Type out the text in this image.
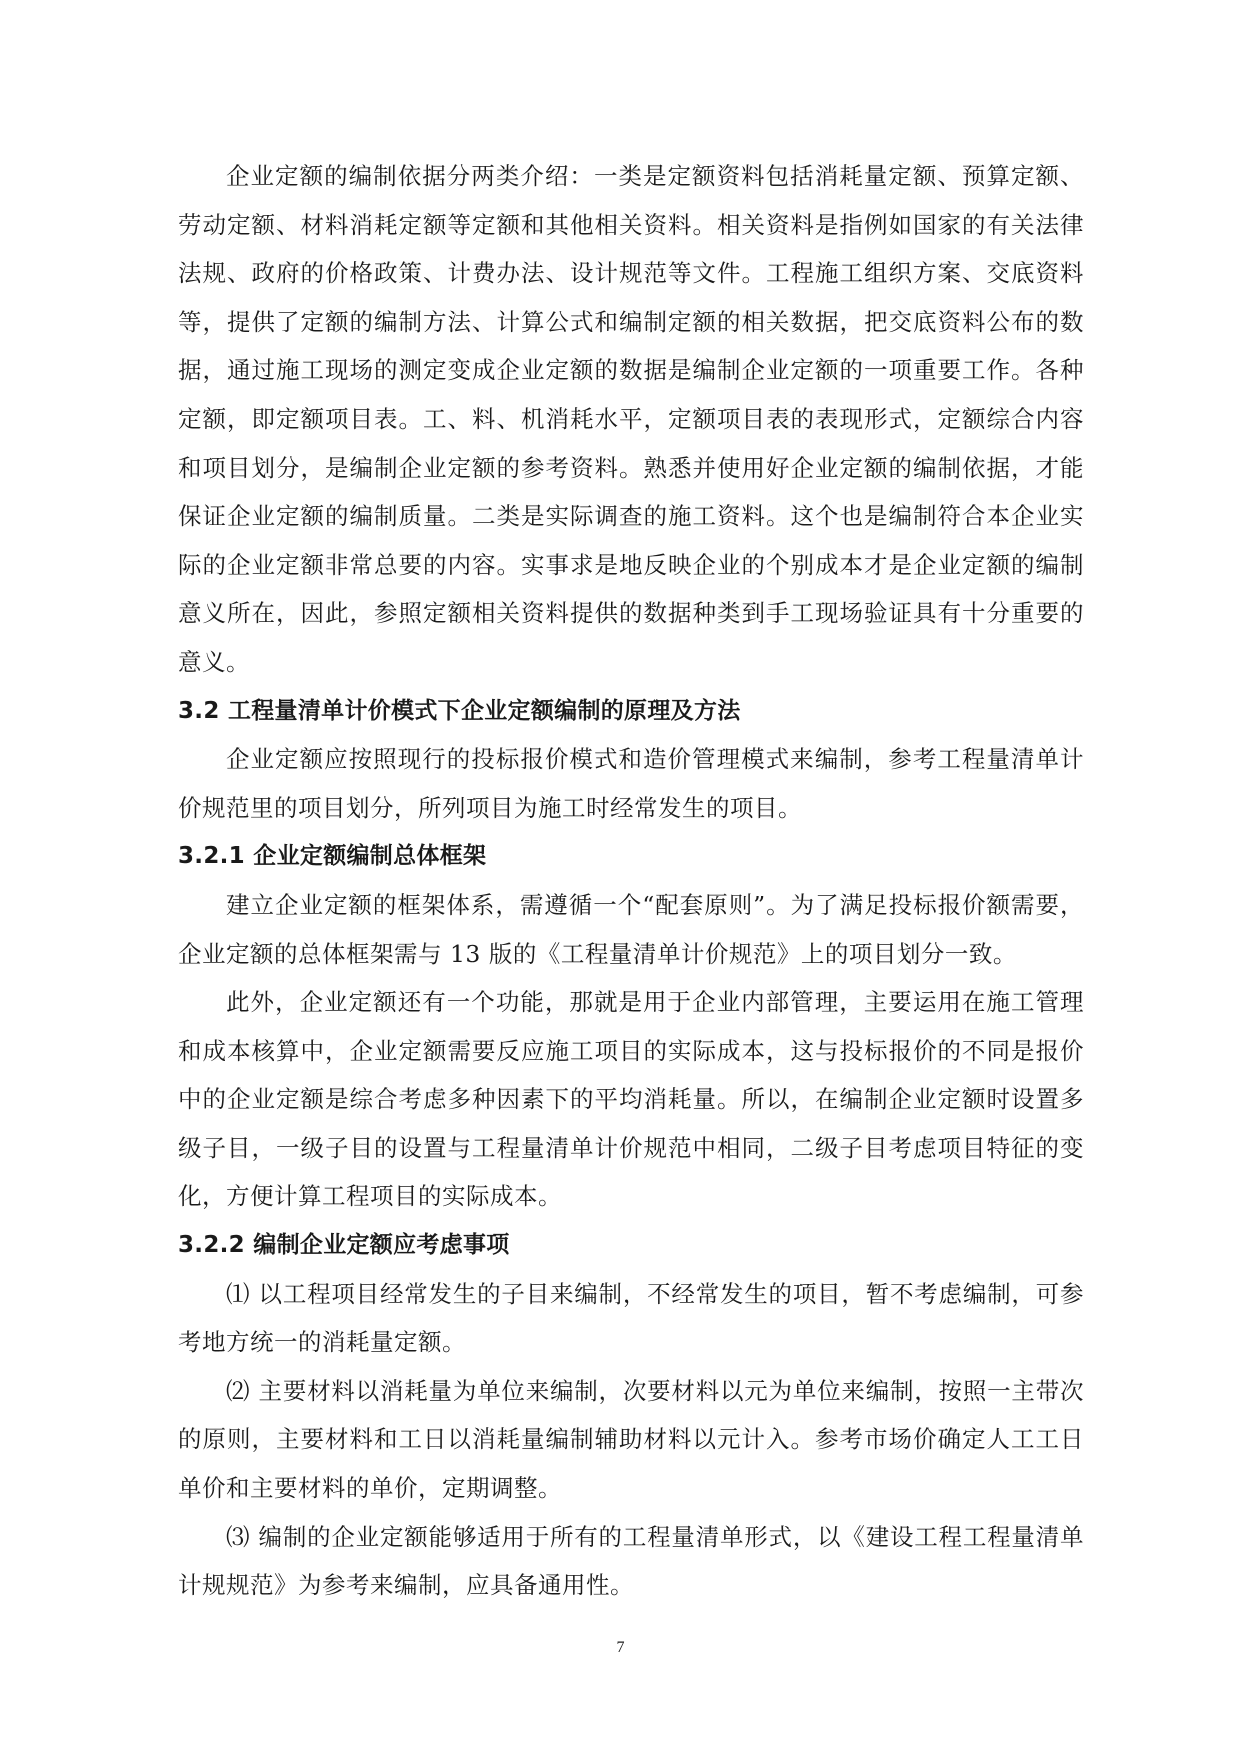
企业定额的编制依据分两类介绍：一类是定额资料包括消耗量定额、预算定额、劳动定额、材料消耗定额等定额和其他相关资料。相关资料是指例如国家的有关法律法规、政府的价格政策、计费办法、设计规范等文件。工程施工组织方案、交底资料等，提供了定额的编制方法、计算公式和编制定额的相关数据，把交底资料公布的数据，通过施工现场的测定变成企业定额的数据是编制企业定额的一项重要工作。各种定额，即定额项目表。工、料、机消耗水平，定额项目表的表现形式，定额综合内容和项目划分，是编制企业定额的参考资料。熟悉并使用好企业定额的编制依据，才能保证企业定额的编制质量。二类是实际调查的施工资料。这个也是编制符合本企业实际的企业定额非常总要的内容。实事求是地反映企业的个别成本才是企业定额的编制意义所在，因此，参照定额相关资料提供的数据种类到手工现场验证具有十分重要的意义。

3.2 工程量清单计价模式下企业定额编制的原理及方法

企业定额应按照现行的投标报价模式和造价管理模式来编制，参考工程量清单计价规范里的项目划分，所列项目为施工时经常发生的项目。

3.2.1 企业定额编制总体框架

建立企业定额的框架体系，需遵循一个“配套原则”。为了满足投标报价额需要，企业定额的总体框架需与 13 版的《工程量清单计价规范》上的项目划分一致。

此外，企业定额还有一个功能，那就是用于企业内部管理，主要运用在施工管理和成本核算中，企业定额需要反应施工项目的实际成本，这与投标报价的不同是报价中的企业定额是综合考虑多种因素下的平均消耗量。所以，在编制企业定额时设置多级子目，一级子目的设置与工程量清单计价规范中相同，二级子目考虑项目特征的变化，方便计算工程项目的实际成本。

3.2.2 编制企业定额应考虑事项

⑴ 以工程项目经常发生的子目来编制，不经常发生的项目，暂不考虑编制，可参考地方统一的消耗量定额。

⑵ 主要材料以消耗量为单位来编制，次要材料以元为单位来编制，按照一主带次的原则，主要材料和工日以消耗量编制辅助材料以元计入。参考市场价确定人工工日单价和主要材料的单价，定期调整。

⑶ 编制的企业定额能够适用于所有的工程量清单形式，以《建设工程工程量清单计规规范》为参考来编制，应具备通用性。

7
